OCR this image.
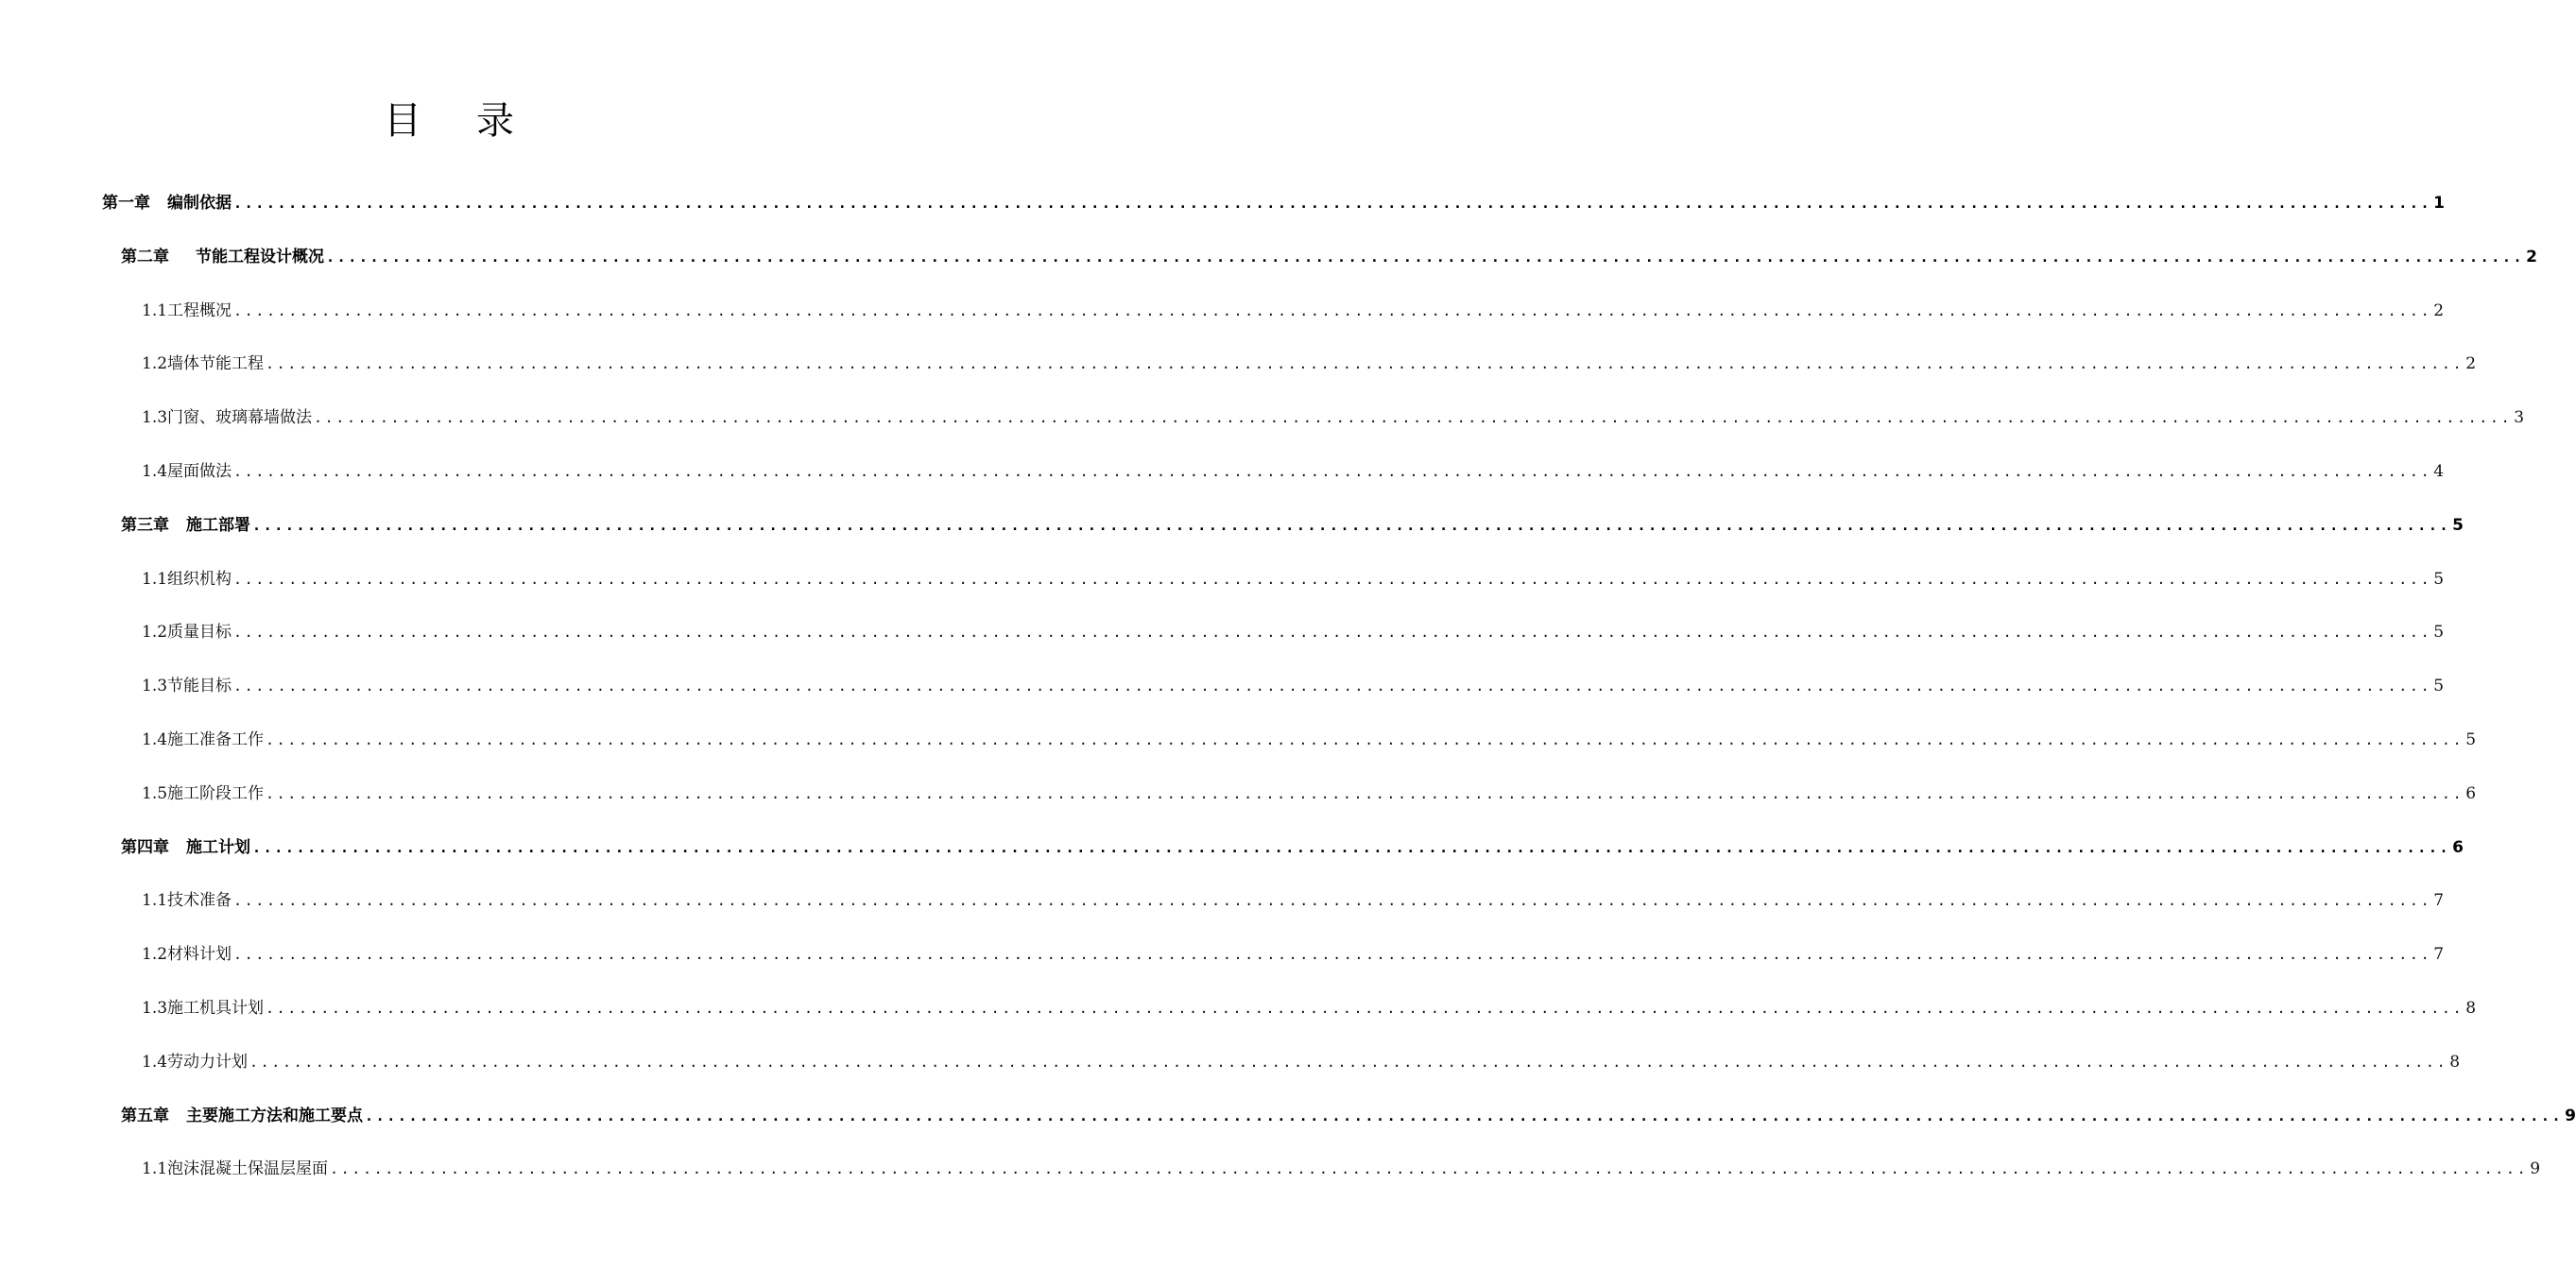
目 录
第一章 编制依据 ........................................................................................................................................................................................................ 1
第二章 节能工程设计概况 ........................................................................................................................................................................................................ 2
1.1工程概况 ........................................................................................................................................................................................................ 2
1.2墙体节能工程 ........................................................................................................................................................................................................ 2
1.3门窗、玻璃幕墙做法 ........................................................................................................................................................................................................ 3
1.4屋面做法 ........................................................................................................................................................................................................ 4
第三章 施工部署 ........................................................................................................................................................................................................ 5
1.1组织机构 ........................................................................................................................................................................................................ 5
1.2质量目标 ........................................................................................................................................................................................................ 5
1.3节能目标 ........................................................................................................................................................................................................ 5
1.4施工准备工作 ........................................................................................................................................................................................................ 5
1.5施工阶段工作 ........................................................................................................................................................................................................ 6
第四章 施工计划 ........................................................................................................................................................................................................ 6
1.1技术准备 ........................................................................................................................................................................................................ 7
1.2材料计划 ........................................................................................................................................................................................................ 7
1.3施工机具计划 ........................................................................................................................................................................................................ 8
1.4劳动力计划 ........................................................................................................................................................................................................ 8
第五章 主要施工方法和施工要点 ........................................................................................................................................................................................................ 9
1.1泡沫混凝土保温层屋面 ........................................................................................................................................................................................................ 9
